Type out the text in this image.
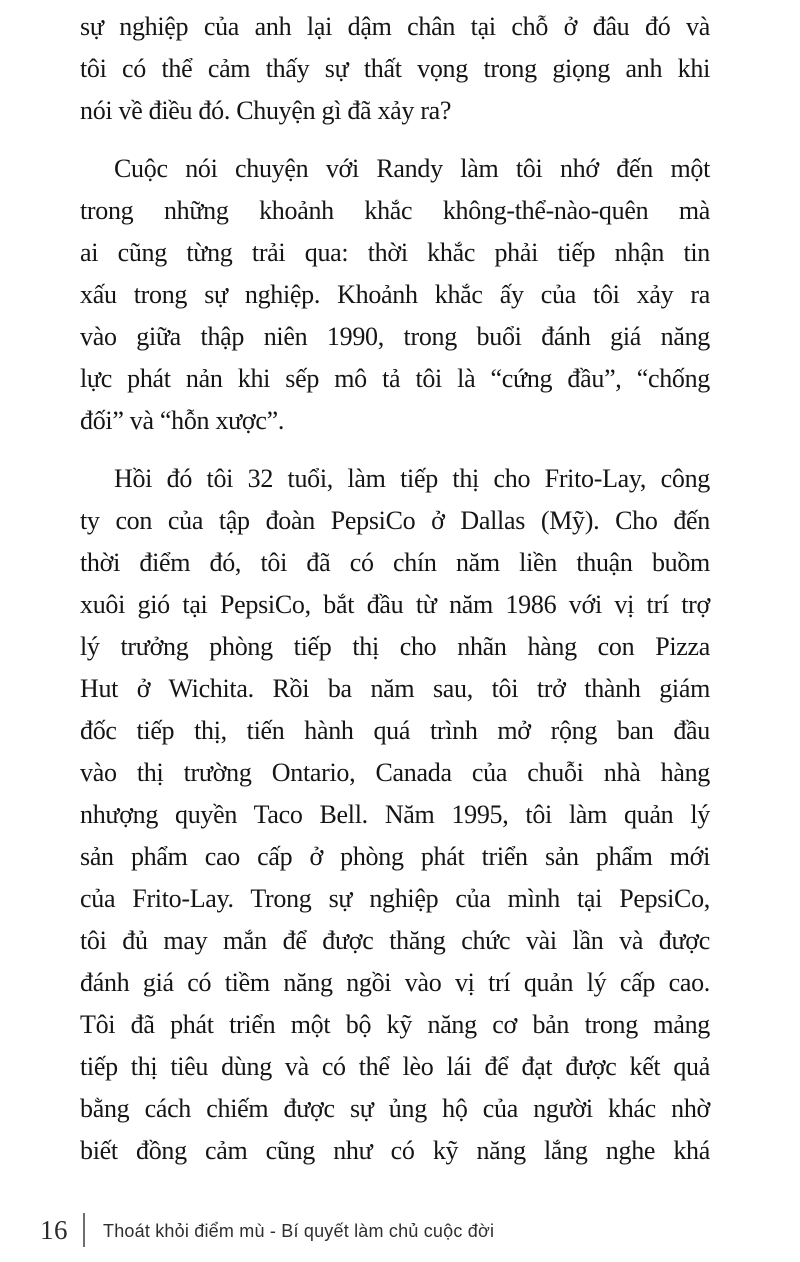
sự nghiệp của anh lại dậm chân tại chỗ ở đâu đó và
tôi có thể cảm thấy sự thất vọng trong giọng anh khi
nói về điều đó. Chuyện gì đã xảy ra?
Cuộc nói chuyện với Randy làm tôi nhớ đến một
trong những khoảnh khắc không-thể-nào-quên mà
ai cũng từng trải qua: thời khắc phải tiếp nhận tin
xấu trong sự nghiệp. Khoảnh khắc ấy của tôi xảy ra
vào giữa thập niên 1990, trong buổi đánh giá năng
lực phát nản khi sếp mô tả tôi là “cứng đầu”, “chống
đối” và “hỗn xược”.
Hồi đó tôi 32 tuổi, làm tiếp thị cho Frito-Lay, công
ty con của tập đoàn PepsiCo ở Dallas (Mỹ). Cho đến
thời điểm đó, tôi đã có chín năm liền thuận buồm
xuôi gió tại PepsiCo, bắt đầu từ năm 1986 với vị trí trợ
lý trưởng phòng tiếp thị cho nhãn hàng con Pizza
Hut ở Wichita. Rồi ba năm sau, tôi trở thành giám
đốc tiếp thị, tiến hành quá trình mở rộng ban đầu
vào thị trường Ontario, Canada của chuỗi nhà hàng
nhượng quyền Taco Bell. Năm 1995, tôi làm quản lý
sản phẩm cao cấp ở phòng phát triển sản phẩm mới
của Frito-Lay. Trong sự nghiệp của mình tại PepsiCo,
tôi đủ may mắn để được thăng chức vài lần và được
đánh giá có tiềm năng ngồi vào vị trí quản lý cấp cao.
Tôi đã phát triển một bộ kỹ năng cơ bản trong mảng
tiếp thị tiêu dùng và có thể lèo lái để đạt được kết quả
bằng cách chiếm được sự ủng hộ của người khác nhờ
biết đồng cảm cũng như có kỹ năng lắng nghe khá
16 Thoát khỏi điểm mù - Bí quyết làm chủ cuộc đời
